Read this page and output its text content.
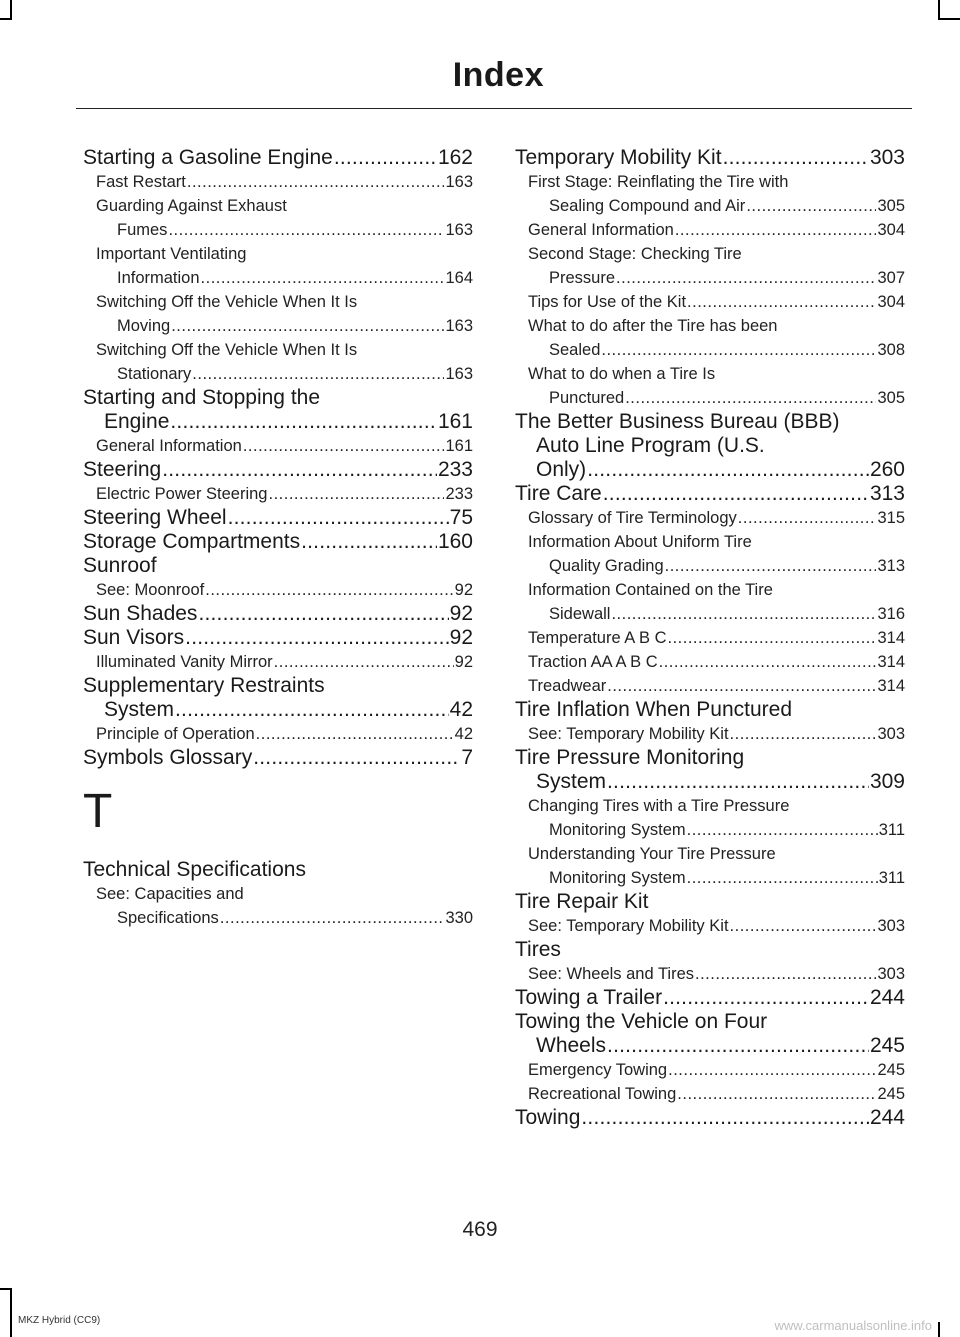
Index
Starting a Gasoline Engine .....	162
Fast Restart .....	163
Guarding Against Exhaust
Fumes .....	163
Important Ventilating
Information .....	164
Switching Off the Vehicle When It Is
Moving .....	163
Switching Off the Vehicle When It Is
Stationary .....	163
Starting and Stopping the
Engine .....	161
General Information .....	161
Steering .....	233
Electric Power Steering .....	233
Steering Wheel .....	75
Storage Compartments .....	160
Sunroof
See: Moonroof .....	92
Sun Shades .....	92
Sun Visors .....	92
Illuminated Vanity Mirror .....	92
Supplementary Restraints
System .....	42
Principle of Operation .....	42
Symbols Glossary .....	7
T
Technical Specifications
See: Capacities and
Specifications .....	330
Temporary Mobility Kit .....	303
First Stage: Reinflating the Tire with
Sealing Compound and Air .....	305
General Information .....	304
Second Stage: Checking Tire
Pressure .....	307
Tips for Use of the Kit .....	304
What to do after the Tire has been
Sealed .....	308
What to do when a Tire Is
Punctured .....	305
The Better Business Bureau (BBB)
Auto Line Program (U.S.
Only) .....	260
Tire Care .....	313
Glossary of Tire Terminology .....	315
Information About Uniform Tire
Quality Grading .....	313
Information Contained on the Tire
Sidewall .....	316
Temperature A B C .....	314
Traction AA A B C .....	314
Treadwear .....	314
Tire Inflation When Punctured
See: Temporary Mobility Kit .....	303
Tire Pressure Monitoring
System .....	309
Changing Tires with a Tire Pressure
Monitoring System .....	311
Understanding Your Tire Pressure
Monitoring System .....	311
Tire Repair Kit
See: Temporary Mobility Kit .....	303
Tires
See: Wheels and Tires .....	303
Towing a Trailer .....	244
Towing the Vehicle on Four
Wheels .....	245
Emergency Towing .....	245
Recreational Towing .....	245
Towing .....	244
469
MKZ Hybrid (CC9)	www.carmanualsonline.info
